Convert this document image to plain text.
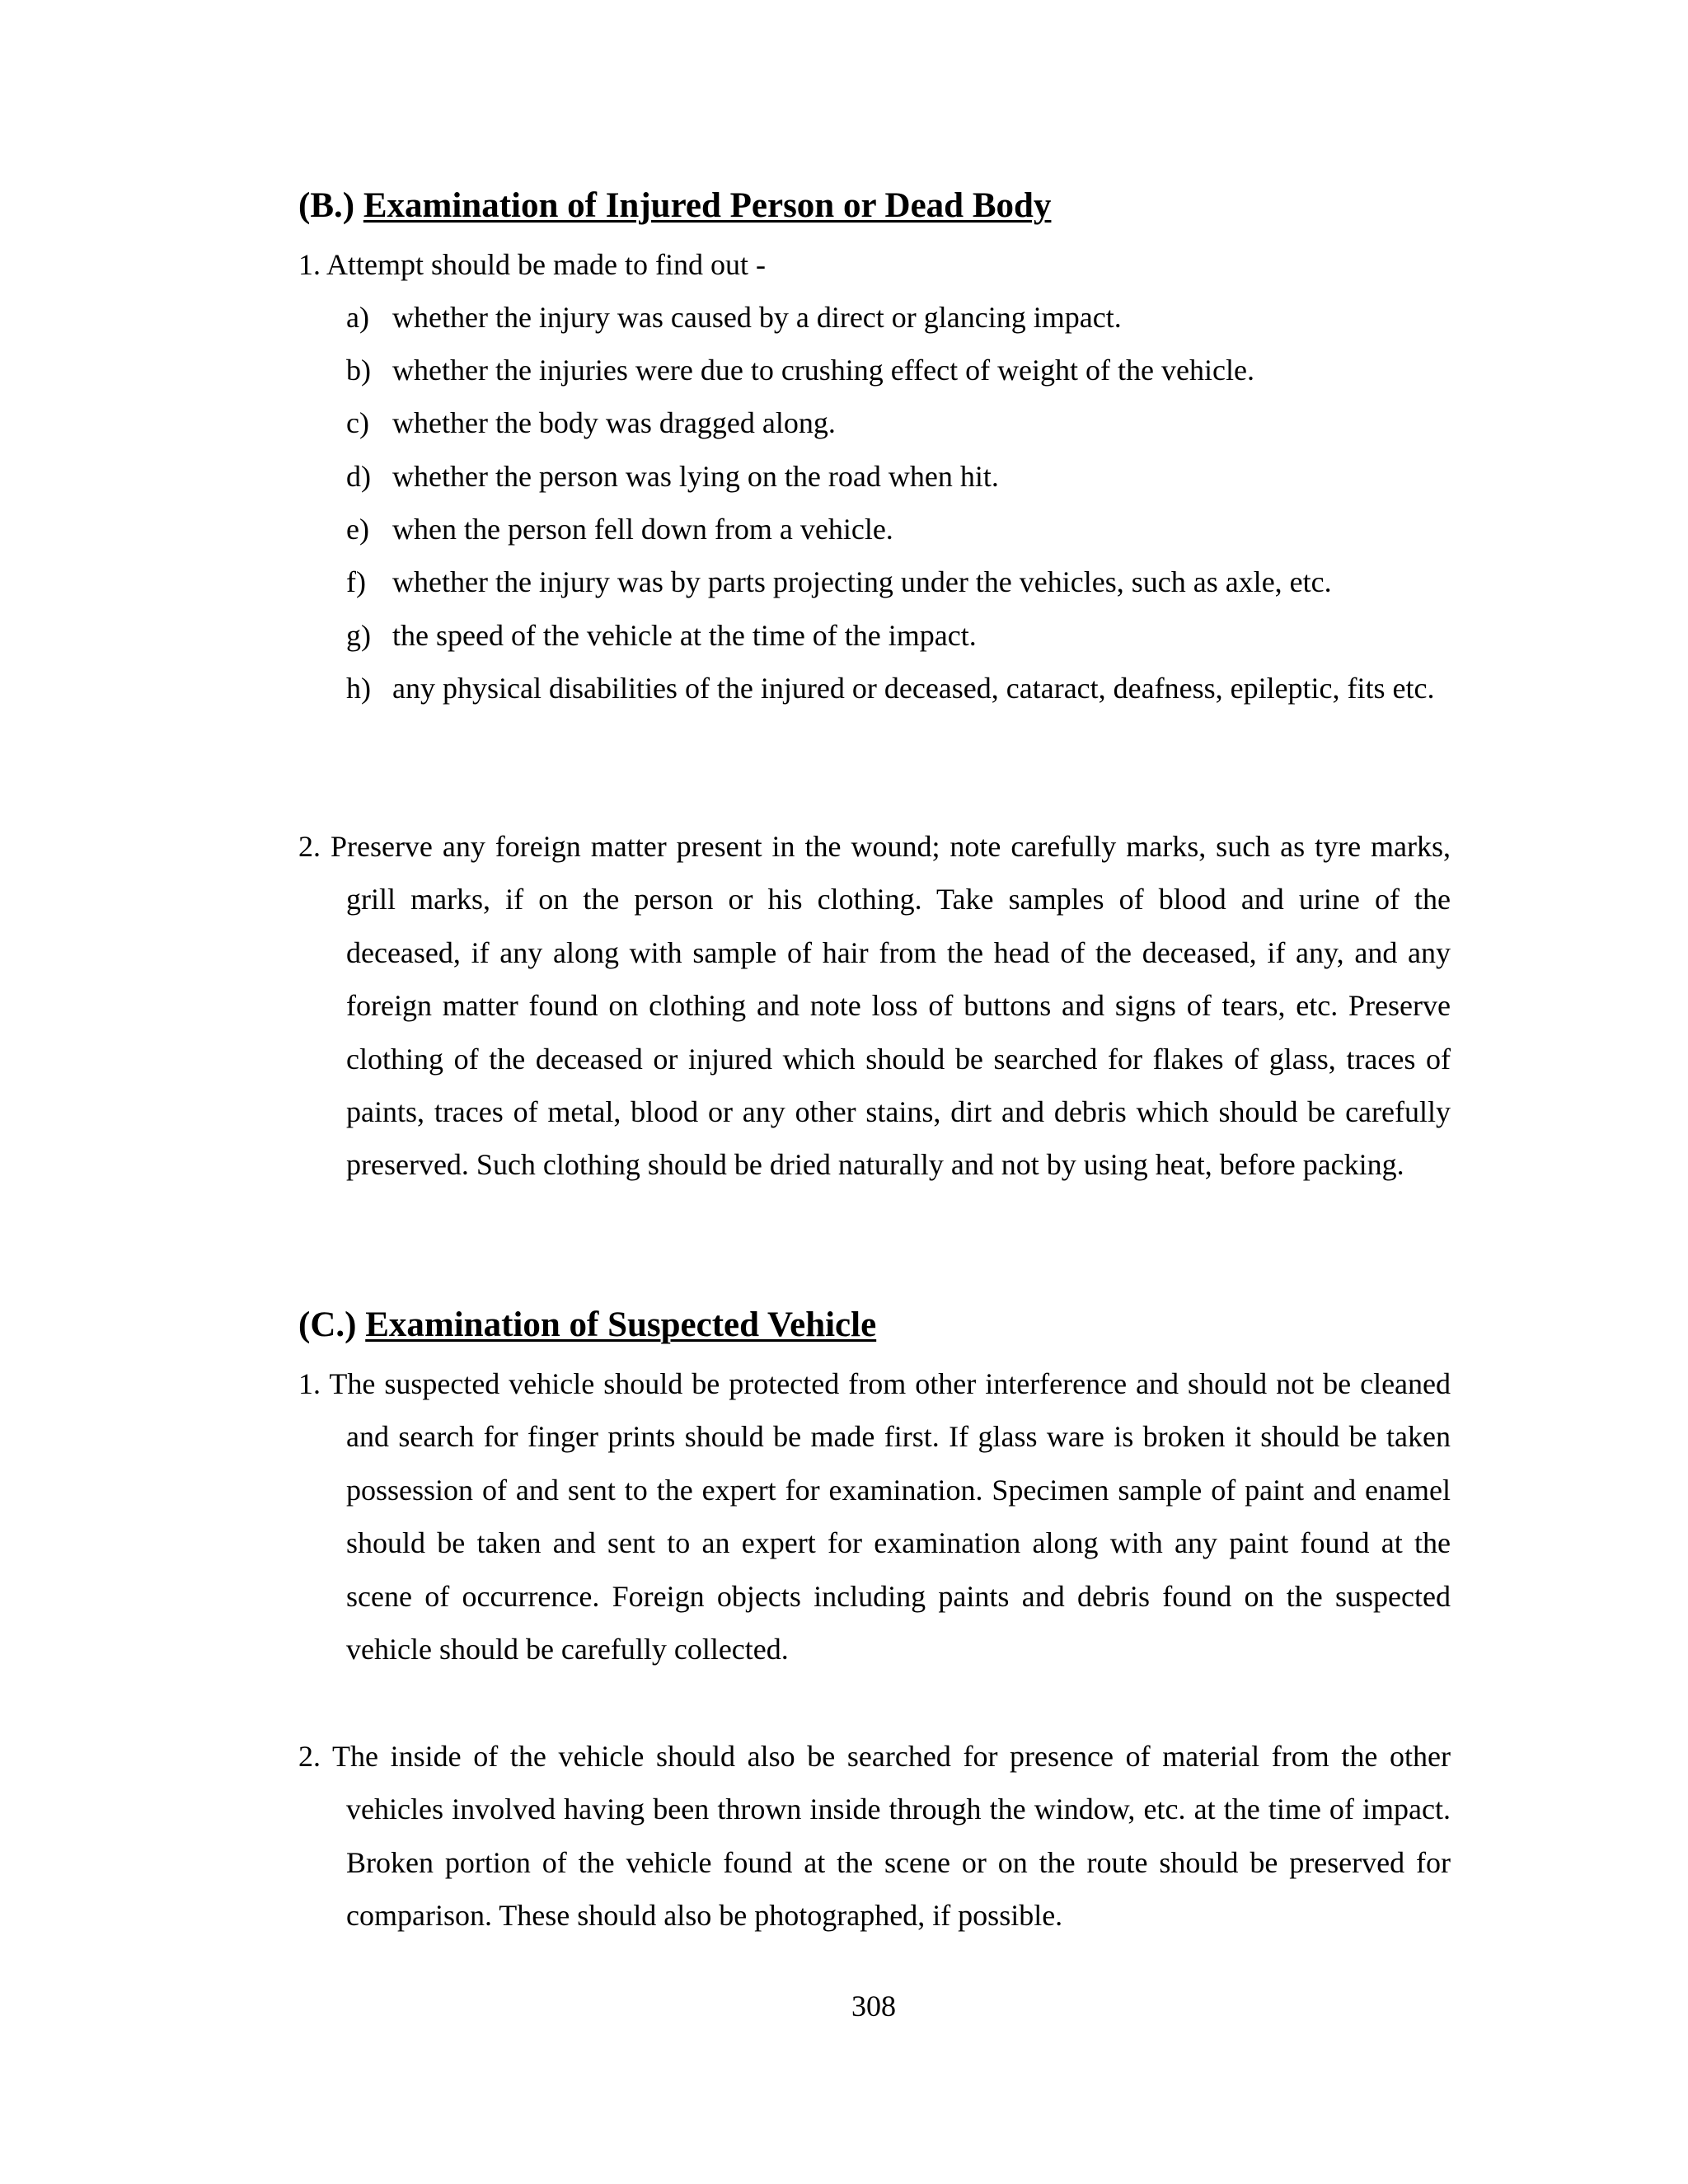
(B.) Examination of Injured Person or Dead Body
1. Attempt should be made to find out -
a) whether the injury was caused by a direct or glancing impact.
b) whether the injuries were due to crushing effect of weight of the vehicle.
c) whether the body was dragged along.
d) whether the person was lying on the road when hit.
e) when the person fell down from a vehicle.
f) whether the injury was by parts projecting under the vehicles, such as axle, etc.
g) the speed of the vehicle at the time of the impact.
h) any physical disabilities of the injured or deceased, cataract, deafness, epileptic, fits etc.
2. Preserve any foreign matter present in the wound; note carefully marks, such as tyre marks, grill marks, if on the person or his clothing. Take samples of blood and urine of the deceased, if any along with sample of hair from the head of the deceased, if any, and any foreign matter found on clothing and note loss of buttons and signs of tears, etc. Preserve clothing of the deceased or injured which should be searched for flakes of glass, traces of paints, traces of metal, blood or any other stains, dirt and debris which should be carefully preserved. Such clothing should be dried naturally and not by using heat, before packing.
(C.) Examination of Suspected Vehicle
1. The suspected vehicle should be protected from other interference and should not be cleaned and search for finger prints should be made first. If glass ware is broken it should be taken possession of and sent to the expert for examination. Specimen sample of paint and enamel should be taken and sent to an expert for examination along with any paint found at the scene of occurrence. Foreign objects including paints and debris found on the suspected vehicle should be carefully collected.
2. The inside of the vehicle should also be searched for presence of material from the other vehicles involved having been thrown inside through the window, etc. at the time of impact. Broken portion of the vehicle found at the scene or on the route should be preserved for comparison. These should also be photographed, if possible.
308
